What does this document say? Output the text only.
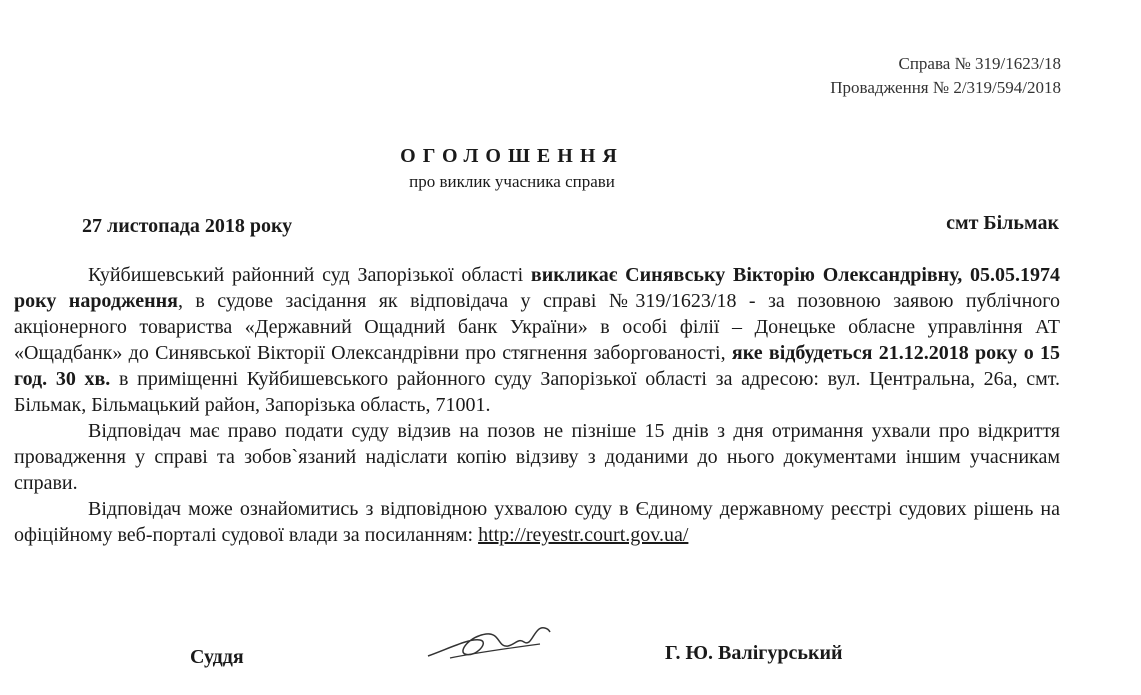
Справа № 319/1623/18
Провадження № 2/319/594/2018
ОГОЛОШЕННЯ
про виклик учасника справи
27 листопада 2018 року	смт Більмак

Куйбишевський районний суд Запорізької області викликає Синявську Вікторію Олександрівну, 05.05.1974 року народження, в судове засідання як відповідача у справі №319/1623/18 - за позовною заявою публічного акціонерного товариства «Державний Ощадний банк України» в особі філії – Донецьке обласне управління АТ «Ощадбанк» до Синявської Вікторії Олександрівни про стягнення заборгованості, яке відбудеться 21.12.2018 року о 15 год. 30 хв. в приміщенні Куйбишевського районного суду Запорізької області за адресою: вул. Центральна, 26а, смт. Більмак, Більмацький район, Запорізька область, 71001.

Відповідач має право подати суду відзив на позов не пізніше 15 днів з дня отримання ухвали про відкриття провадження у справі та зобов`язаний надіслати копію відзиву з доданими до нього документами іншим учасникам справи.

Відповідач може ознайомитись з відповідною ухвалою суду в Єдиному державному реєстрі судових рішень на офіційному веб-порталі судової влади за посиланням: http://reyestr.court.gov.ua/

Суддя	Г. Ю. Валігурський
